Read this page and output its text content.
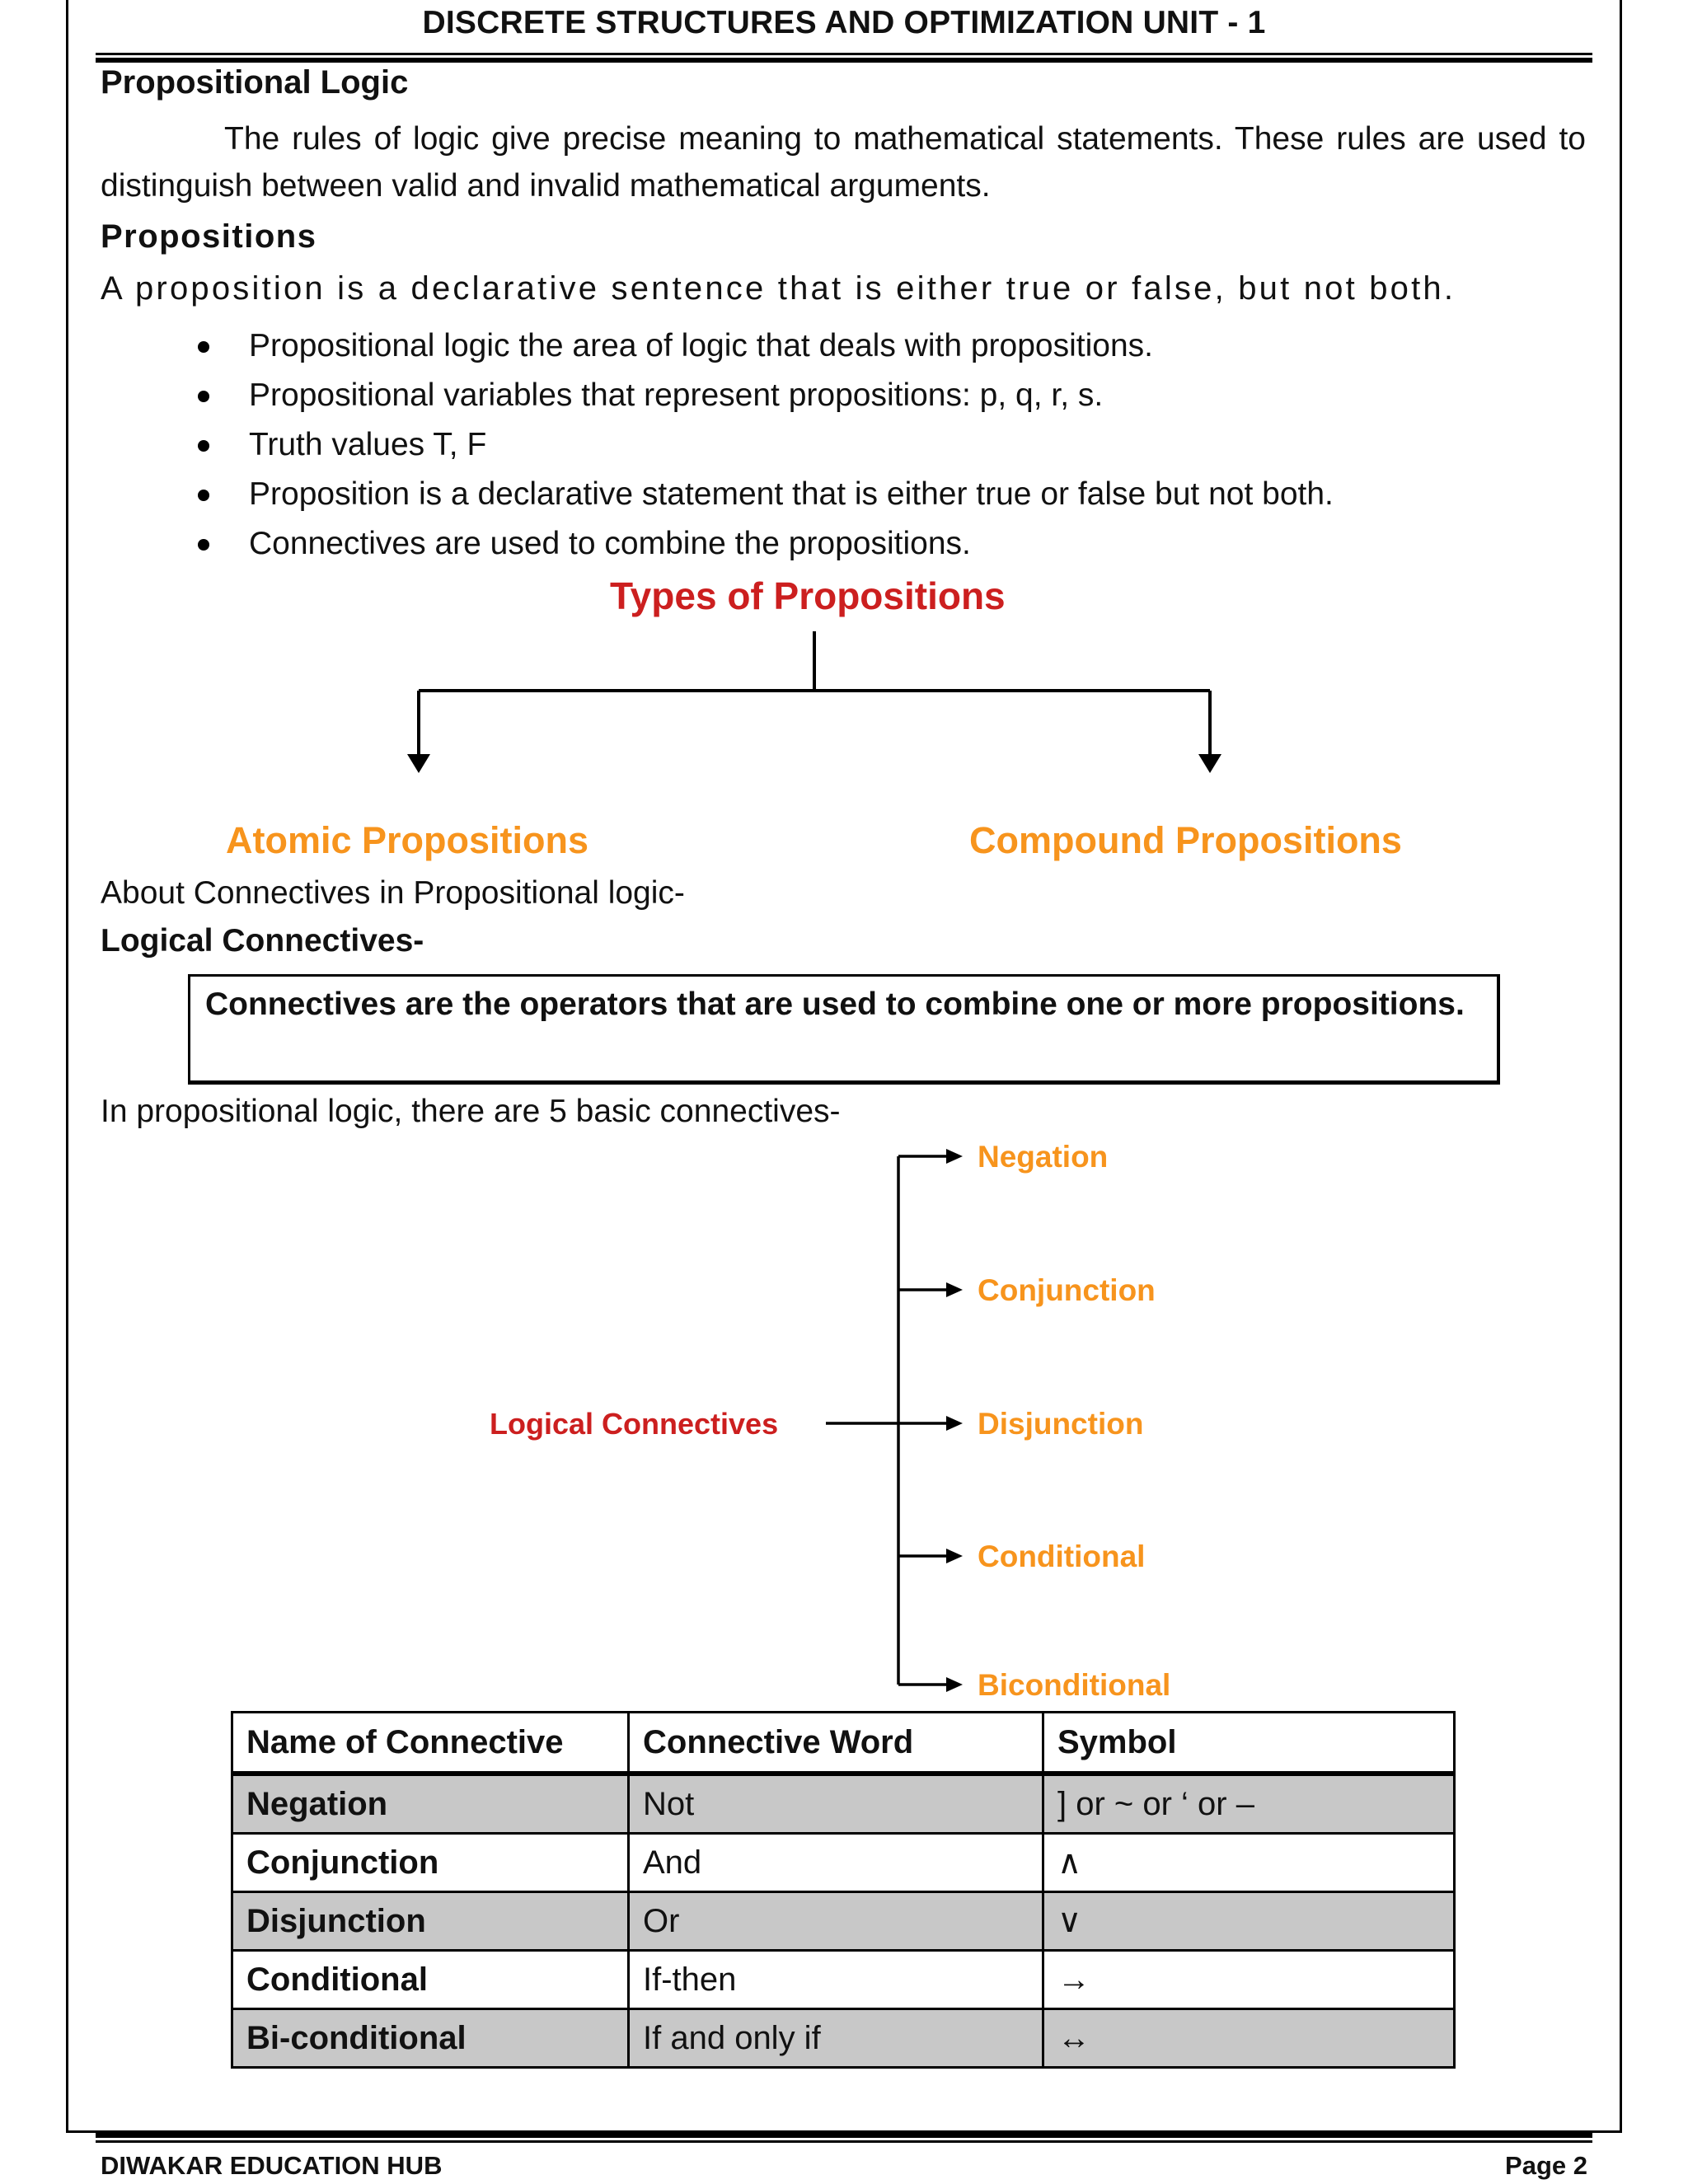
DISCRETE STRUCTURES AND OPTIMIZATION UNIT - 1
Propositional Logic
The rules of logic give precise meaning to mathematical statements. These rules are used to distinguish between valid and invalid mathematical arguments.
Propositions
A proposition is a declarative sentence that is either true or false, but not both.
Propositional logic the area of logic that deals with propositions.
Propositional variables that represent propositions: p, q, r, s.
Truth values T, F
Proposition is a declarative statement that is either true or false but not both.
Connectives are used to combine the propositions.
Types of Propositions
Atomic Propositions	Compound Propositions
About Connectives in Propositional logic-
Logical Connectives-
Connectives are the operators that are used to combine one or more propositions.
In propositional logic, there are 5 basic connectives-
Logical Connectives
Negation
Conjunction
Disjunction
Conditional
Biconditional
Name of Connective	Connective Word	Symbol
Negation	Not	] or ~ or ‘ or –
Conjunction	And	∧
Disjunction	Or	∨
Conditional	If-then	→
Bi-conditional	If and only if	↔
DIWAKAR EDUCATION HUB	Page 2
